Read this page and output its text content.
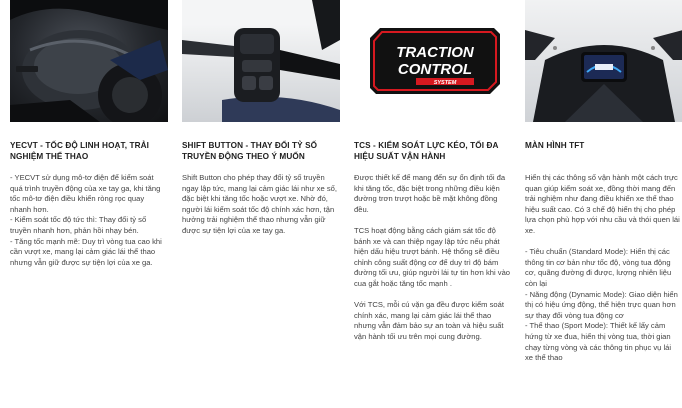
YECVT - TỐC ĐỘ LINH HOẠT, TRẢI NGHIỆM THỂ THAO

- YECVT sử dụng mô-tơ điện để kiểm soát quá trình truyền động của xe tay ga, khi tăng tốc mô-tơ điện điều khiển ròng rọc quay nhanh hơn.

- Kiểm soát tốc độ tức thì: Thay đổi tỷ số truyền nhanh hơn, phản hồi nhạy bén.

- Tăng tốc mạnh mẽ: Duy trì vòng tua cao khi cần vượt xe, mang lại cảm giác lái thể thao nhưng vẫn giữ được sự tiện lợi của xe ga.

SHIFT BUTTON - THAY ĐỔI TỶ SỐ TRUYỀN ĐỘNG THEO Ý MUỐN

Shift Button cho phép thay đổi tỷ số truyền ngay lập tức, mang lại cảm giác lái như xe số, đặc biệt khi tăng tốc hoặc vượt xe. Nhờ đó, người lái kiểm soát tốc độ chính xác hơn, tận hưởng trải nghiệm thể thao nhưng vẫn giữ được sự tiện lợi của xe tay ga.

TRACTION
CONTROL
SYSTEM
TCS - KIỂM SOÁT LỰC KÉO, TỐI ĐA HIỆU SUẤT VẬN HÀNH

Được thiết kế để mang đến sự ổn định tối đa khi tăng tốc, đặc biệt trong những điều kiện đường trơn trượt hoặc bề mặt không đồng đều.

TCS hoạt động bằng cách giám sát tốc độ bánh xe và can thiệp ngay lập tức nếu phát hiện dấu hiệu trượt bánh. Hệ thống sẽ điều chỉnh công suất động cơ để duy trì độ bám đường tối ưu, giúp người lái tự tin hơn khi vào cua gắt hoặc tăng tốc mạnh .

Với TCS, mỗi cú vặn ga đều được kiểm soát chính xác, mang lại cảm giác lái thể thao nhưng vẫn đảm bảo sự an toàn và hiệu suất vận hành tối ưu trên mọi cung đường.

MÀN HÌNH TFT

Hiển thị các thông số vận hành một cách trực quan giúp kiểm soát xe, đồng thời mang đến trải nghiệm như đang điều khiển xe thể thao hiệu suất cao. Có 3 chế độ hiển thị cho phép lựa chọn phù hợp với nhu cầu và thói quen lái xe.

- Tiêu chuẩn (Standard Mode): Hiển thị các thông tin cơ bản như tốc độ, vòng tua động cơ, quãng đường đi được, lượng nhiên liệu còn lại
- Năng động (Dynamic Mode): Giao diện hiển thị có hiệu ứng động, thể hiện trực quan hơn sự thay đổi vòng tua động cơ
- Thể thao (Sport Mode): Thiết kế lấy cảm hứng từ xe đua, hiển thị vòng tua, thời gian chạy từng vòng và các thông tin phục vụ lái xe thể thao
